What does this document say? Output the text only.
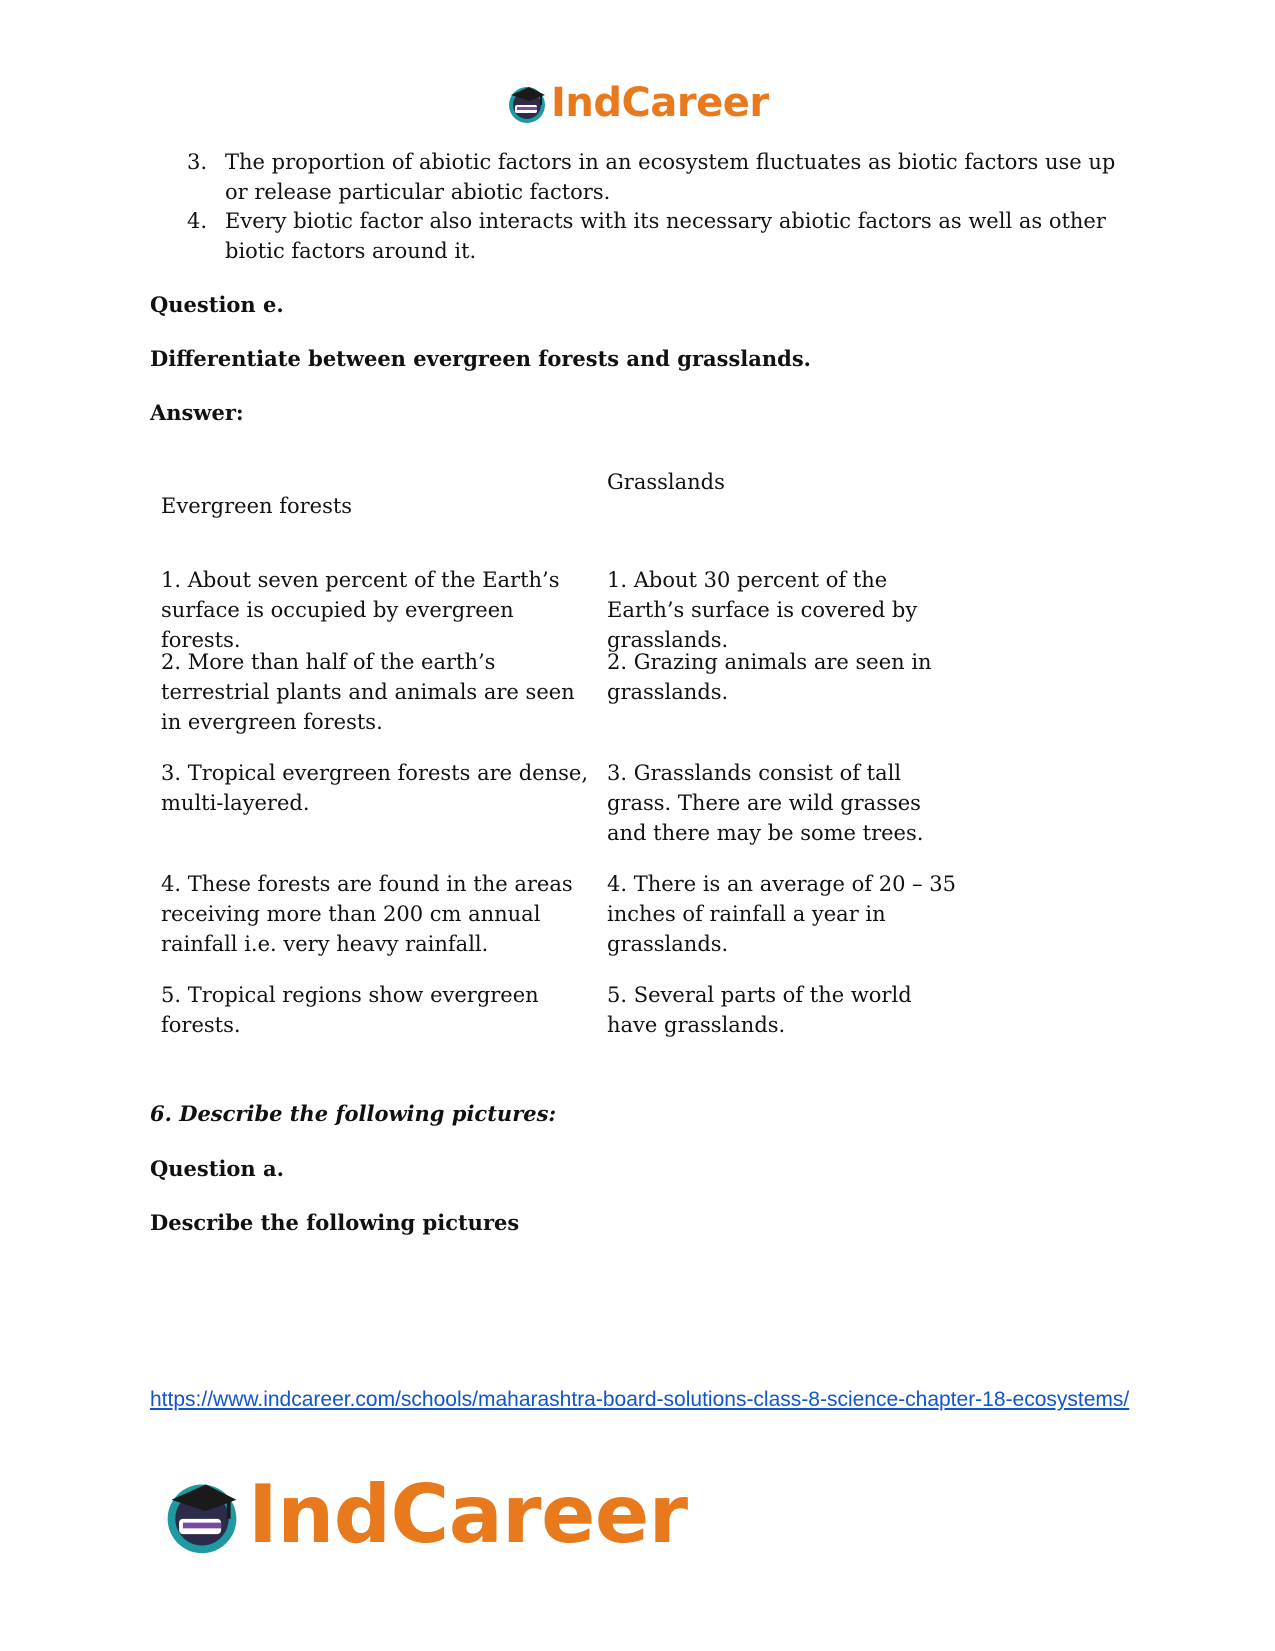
IndCareer
3. The proportion of abiotic factors in an ecosystem fluctuates as biotic factors use up or release particular abiotic factors.
4. Every biotic factor also interacts with its necessary abiotic factors as well as other biotic factors around it.

Question e.

Differentiate between evergreen forests and grasslands.

Answer:

Evergreen forests
Grasslands
1. About seven percent of the Earth’s surface is occupied by evergreen forests.
1. About 30 percent of the Earth’s surface is covered by grasslands.
2. More than half of the earth’s terrestrial plants and animals are seen in evergreen forests.
2. Grazing animals are seen in grasslands.
3. Tropical evergreen forests are dense, multi-layered.
3. Grasslands consist of tall grass. There are wild grasses and there may be some trees.
4. These forests are found in the areas receiving more than 200 cm annual rainfall i.e. very heavy rainfall.
4. There is an average of 20 – 35 inches of rainfall a year in grasslands.
5. Tropical regions show evergreen forests.
5. Several parts of the world have grasslands.

6. Describe the following pictures:

Question a.

Describe the following pictures

https://www.indcareer.com/schools/maharashtra-board-solutions-class-8-science-chapter-18-ecosystems/
IndCareer
